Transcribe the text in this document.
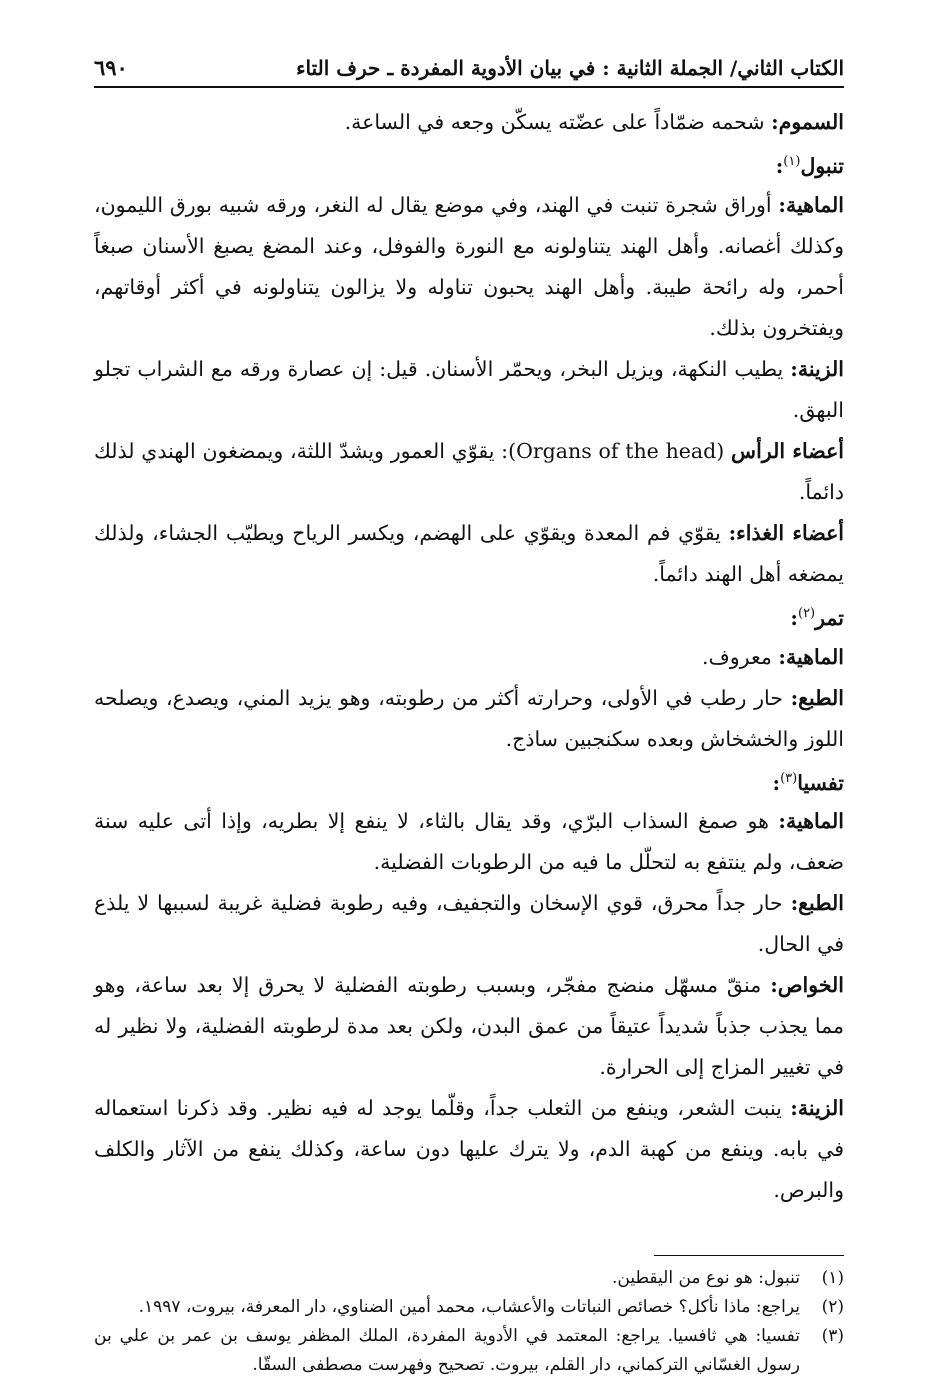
الكتاب الثاني/ الجملة الثانية : في بيان الأدوية المفردة ـ حرف التاء
٦٩٠
السموم: شحمه ضمّاداً على عضّته يسكّن وجعه في الساعة.
تنبول$^{(١)}$:
الماهية: أوراق شجرة تنبت في الهند، وفي موضع يقال له النغر، ورقه شبيه بورق الليمون، وكذلك أغصانه. وأهل الهند يتناولونه مع النورة والفوفل، وعند المضغ يصبغ الأسنان صبغاً أحمر، وله رائحة طيبة. وأهل الهند يحبون تناوله ولا يزالون يتناولونه في أكثر أوقاتهم، ويفتخرون بذلك.
الزينة: يطيب النكهة، ويزيل البخر، ويحمّر الأسنان. قيل: إن عصارة ورقه مع الشراب تجلو البهق.
أعضاء الرأس (Organs of the head): يقوّي العمور ويشدّ اللثة، ويمضغون الهندي لذلك دائماً.
أعضاء الغذاء: يقوّي فم المعدة ويقوّي على الهضم، ويكسر الرياح ويطيّب الجشاء، ولذلك يمضغه أهل الهند دائماً.
تمر$^{(٢)}$:
الماهية: معروف.
الطبع: حار رطب في الأولى، وحرارته أكثر من رطوبته، وهو يزيد المني، ويصدع، ويصلحه اللوز والخشخاش وبعده سكنجبين ساذج.
تفسيا$^{(٣)}$:
الماهية: هو صمغ السذاب البرّي، وقد يقال بالثاء، لا ينفع إلا بطريه، وإذا أتى عليه سنة ضعف، ولم ينتفع به لتحلّل ما فيه من الرطوبات الفضلية.
الطبع: حار جداً محرق، قوي الإسخان والتجفيف، وفيه رطوبة فضلية غريبة لسببها لا يلذع في الحال.
الخواص: منقّ مسهّل منضج مفجّر، وبسبب رطوبته الفضلية لا يحرق إلا بعد ساعة، وهو مما يجذب جذباً شديداً عتيقاً من عمق البدن، ولكن بعد مدة لرطوبته الفضلية، ولا نظير له في تغيير المزاج إلى الحرارة.
الزينة: ينبت الشعر، وينفع من الثعلب جداً، وقلّما يوجد له فيه نظير. وقد ذكرنا استعماله في بابه. وينفع من كهبة الدم، ولا يترك عليها دون ساعة، وكذلك ينفع من الآثار والكلف والبرص.
(١)
تنبول: هو نوع من اليقطين.
(٢)
يراجع: ماذا نأكل؟ خصائص النباتات والأعشاب، محمد أمين الضناوي، دار المعرفة، بيروت، ١٩٩٧.
(٣)
تفسيا: هي ثافسيا. يراجع: المعتمد في الأدوية المفردة، الملك المظفر يوسف بن عمر بن علي بن رسول الغسّاني التركماني، دار القلم، بيروت. تصحيح وفهرست مصطفى السقّا.
